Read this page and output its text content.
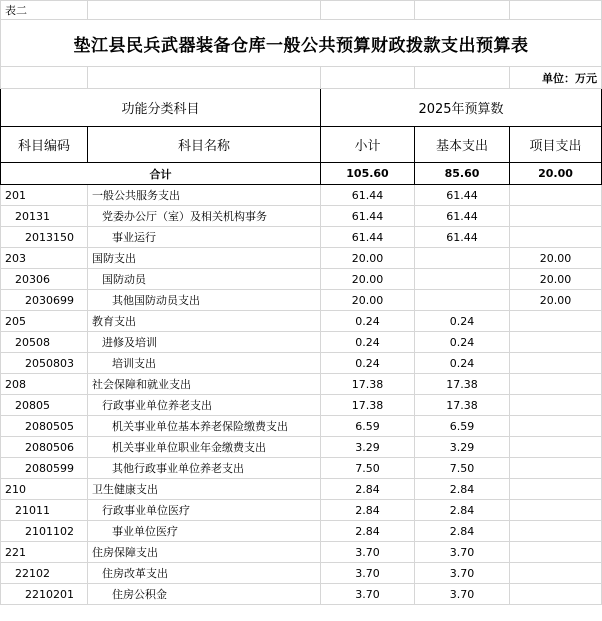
表二				
垫江县民兵武器装备仓库一般公共预算财政拨款支出预算表				
				单位：万元
功能分类科目		2025年预算数		
科目编码	科目名称	小计	基本支出	项目支出
合计		105.60	85.60	20.00
201	一般公共服务支出	61.44	61.44	
20131	党委办公厅（室）及相关机构事务	61.44	61.44	
2013150	事业运行	61.44	61.44	
203	国防支出	20.00		20.00
20306	国防动员	20.00		20.00
2030699	其他国防动员支出	20.00		20.00
205	教育支出	0.24	0.24	
20508	进修及培训	0.24	0.24	
2050803	培训支出	0.24	0.24	
208	社会保障和就业支出	17.38	17.38	
20805	行政事业单位养老支出	17.38	17.38	
2080505	机关事业单位基本养老保险缴费支出	6.59	6.59	
2080506	机关事业单位职业年金缴费支出	3.29	3.29	
2080599	其他行政事业单位养老支出	7.50	7.50	
210	卫生健康支出	2.84	2.84	
21011	行政事业单位医疗	2.84	2.84	
2101102	事业单位医疗	2.84	2.84	
221	住房保障支出	3.70	3.70	
22102	住房改革支出	3.70	3.70	
2210201	住房公积金	3.70	3.70	
